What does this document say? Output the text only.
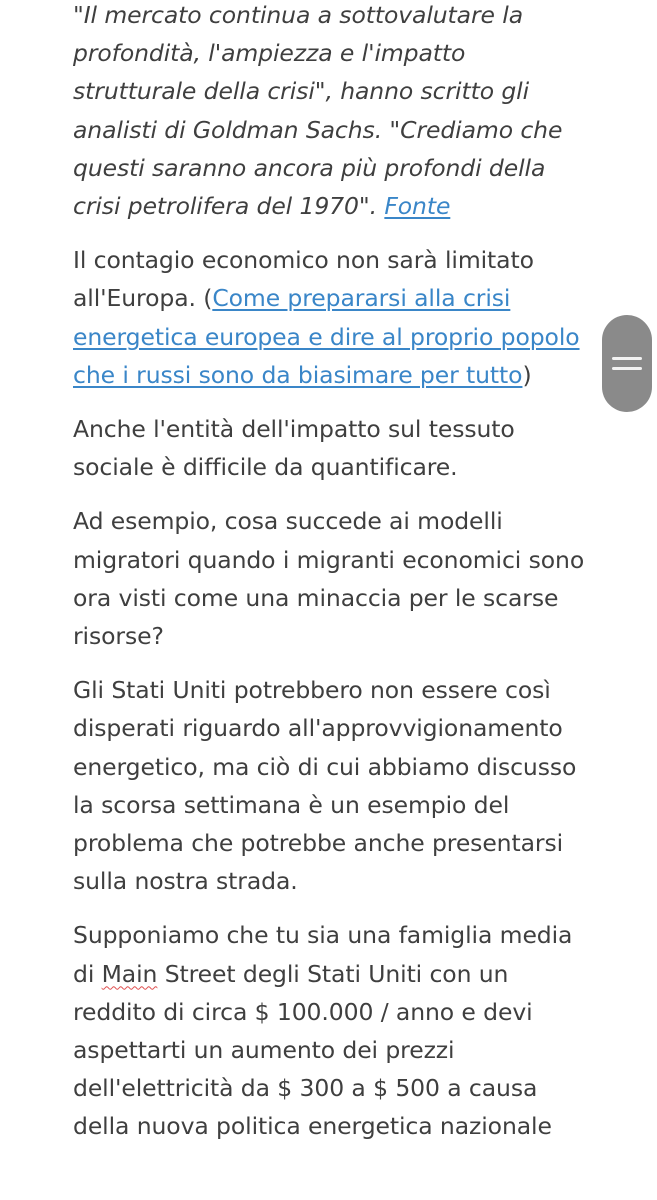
"Il mercato continua a sottovalutare la profondità, l'ampiezza e l'impatto strutturale della crisi", hanno scritto gli analisti di Goldman Sachs. "Crediamo che questi saranno ancora più profondi della crisi petrolifera del 1970". Fonte

Il contagio economico non sarà limitato all'Europa. (Come prepararsi alla crisi energetica europea e dire al proprio popolo che i russi sono da biasimare per tutto)

Anche l'entità dell'impatto sul tessuto sociale è difficile da quantificare.

Ad esempio, cosa succede ai modelli migratori quando i migranti economici sono ora visti come una minaccia per le scarse risorse?

Gli Stati Uniti potrebbero non essere così disperati riguardo all'approvvigionamento energetico, ma ciò di cui abbiamo discusso la scorsa settimana è un esempio del problema che potrebbe anche presentarsi sulla nostra strada.

Supponiamo che tu sia una famiglia media di Main Street degli Stati Uniti con un reddito di circa $ 100.000 / anno e devi aspettarti un aumento dei prezzi dell'elettricità da $ 300 a $ 500 a causa della nuova politica energetica nazionale
